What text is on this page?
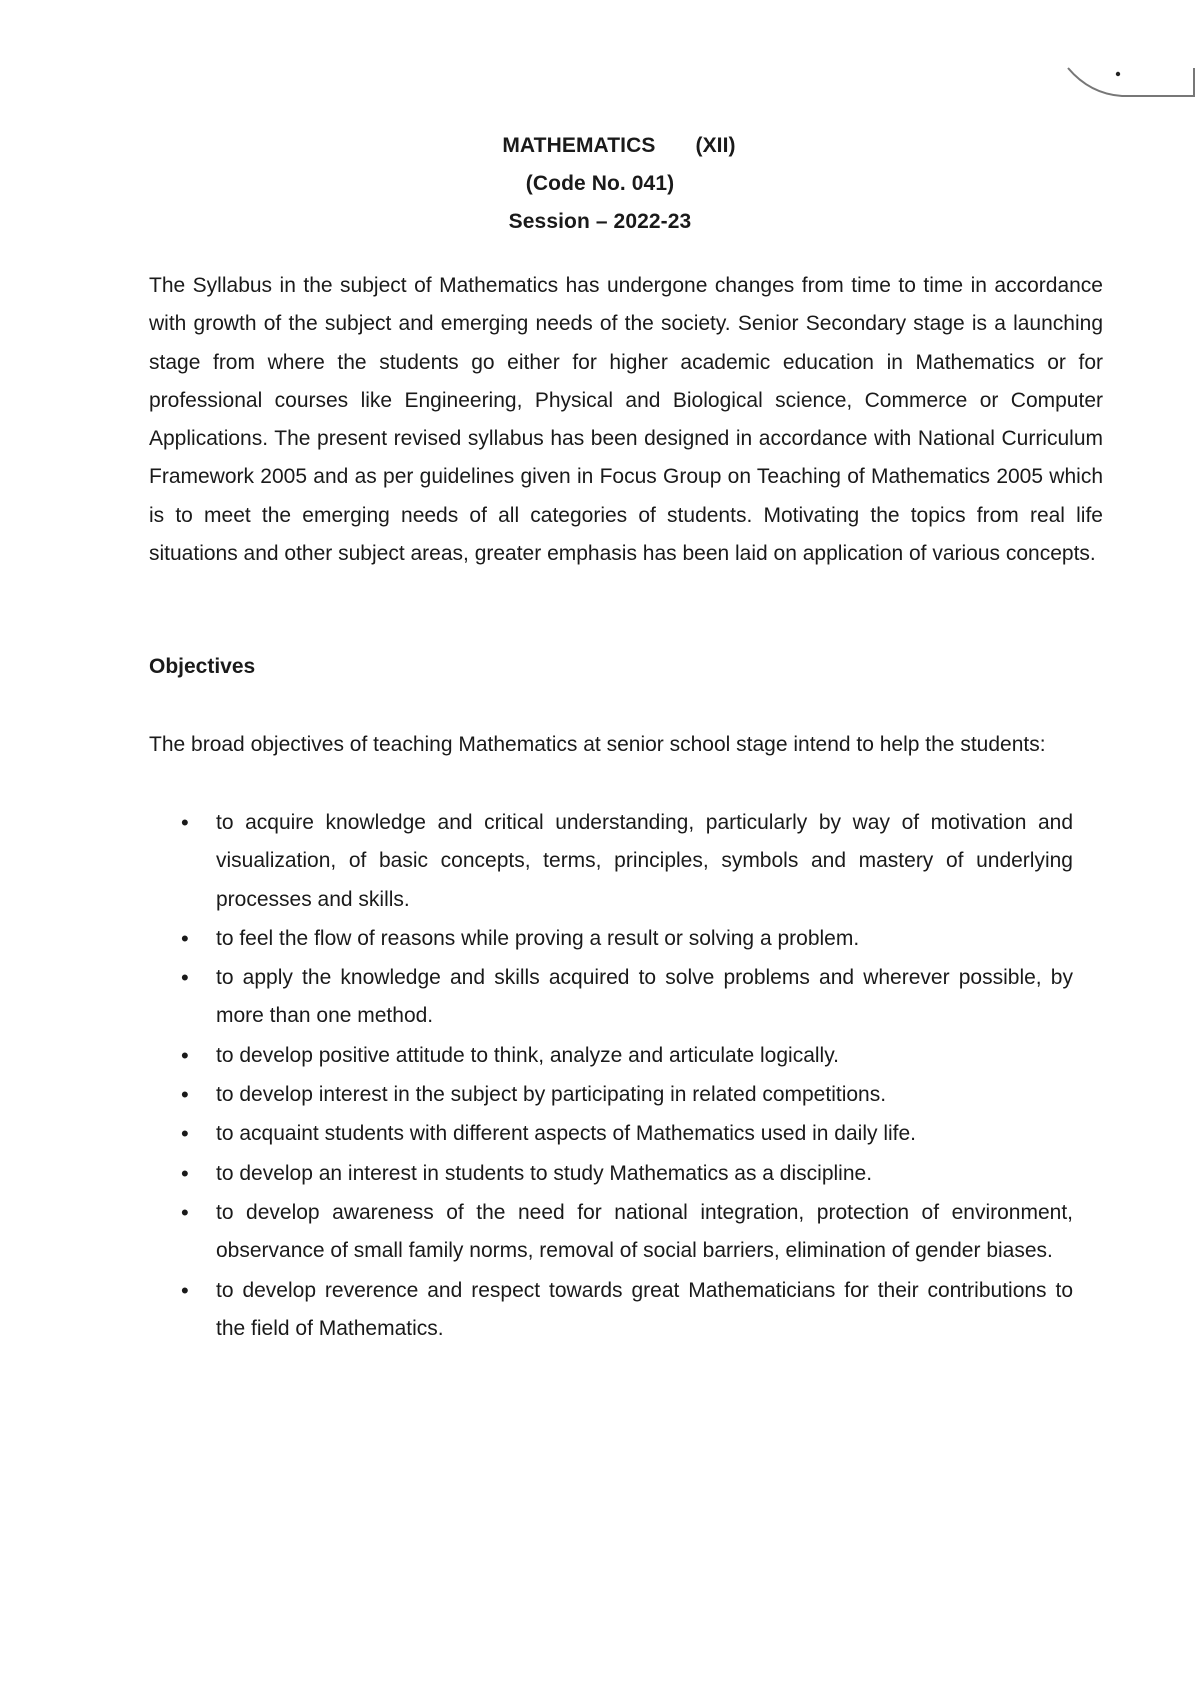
MATHEMATICS (XII)
(Code No. 041)
Session – 2022-23

The Syllabus in the subject of Mathematics has undergone changes from time to time in accordance with growth of the subject and emerging needs of the society. Senior Secondary stage is a launching stage from where the students go either for higher academic education in Mathematics or for professional courses like Engineering, Physical and Biological science, Commerce or Computer Applications. The present revised syllabus has been designed in accordance with National Curriculum Framework 2005 and as per guidelines given in Focus Group on Teaching of Mathematics 2005 which is to meet the emerging needs of all categories of students. Motivating the topics from real life situations and other subject areas, greater emphasis has been laid on application of various concepts.

Objectives

The broad objectives of teaching Mathematics at senior school stage intend to help the students:

• to acquire knowledge and critical understanding, particularly by way of motivation and visualization, of basic concepts, terms, principles, symbols and mastery of underlying processes and skills.
• to feel the flow of reasons while proving a result or solving a problem.
• to apply the knowledge and skills acquired to solve problems and wherever possible, by more than one method.
• to develop positive attitude to think, analyze and articulate logically.
• to develop interest in the subject by participating in related competitions.
• to acquaint students with different aspects of Mathematics used in daily life.
• to develop an interest in students to study Mathematics as a discipline.
• to develop awareness of the need for national integration, protection of environment, observance of small family norms, removal of social barriers, elimination of gender biases.
• to develop reverence and respect towards great Mathematicians for their contributions to the field of Mathematics.
